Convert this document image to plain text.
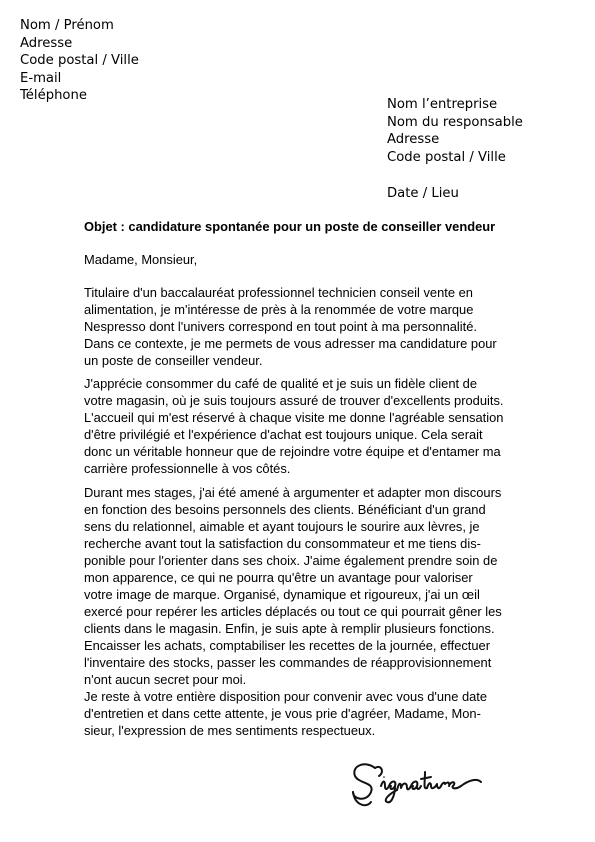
Nom / Prénom
Adresse
Code postal / Ville
E-mail
Téléphone
Nom l’entreprise
Nom du responsable
Adresse
Code postal / Ville
Date / Lieu
Objet : candidature spontanée pour un poste de conseiller vendeur
Madame, Monsieur,
Titulaire d'un baccalauréat professionnel technicien conseil vente en
alimentation, je m'intéresse de près à la renommée de votre marque
Nespresso dont l'univers correspond en tout point à ma personnalité.
Dans ce contexte, je me permets de vous adresser ma candidature pour
un poste de conseiller vendeur.
J'apprécie consommer du café de qualité et je suis un fidèle client de
votre magasin, où je suis toujours assuré de trouver d'excellents produits.
L'accueil qui m'est réservé à chaque visite me donne l'agréable sensation
d'être privilégié et l'expérience d'achat est toujours unique. Cela serait
donc un véritable honneur que de rejoindre votre équipe et d'entamer ma
carrière professionnelle à vos côtés.
Durant mes stages, j'ai été amené à argumenter et adapter mon discours
en fonction des besoins personnels des clients. Bénéficiant d'un grand
sens du relationnel, aimable et ayant toujours le sourire aux lèvres, je
recherche avant tout la satisfaction du consommateur et me tiens dis-
ponible pour l'orienter dans ses choix. J'aime également prendre soin de
mon apparence, ce qui ne pourra qu'être un avantage pour valoriser
votre image de marque. Organisé, dynamique et rigoureux, j'ai un œil
exercé pour repérer les articles déplacés ou tout ce qui pourrait gêner les
clients dans le magasin. Enfin, je suis apte à remplir plusieurs fonctions.
Encaisser les achats, comptabiliser les recettes de la journée, effectuer
l'inventaire des stocks, passer les commandes de réapprovisionnement
n'ont aucun secret pour moi.
Je reste à votre entière disposition pour convenir avec vous d'une date
d'entretien et dans cette attente, je vous prie d'agréer, Madame, Mon-
sieur, l'expression de mes sentiments respectueux.
